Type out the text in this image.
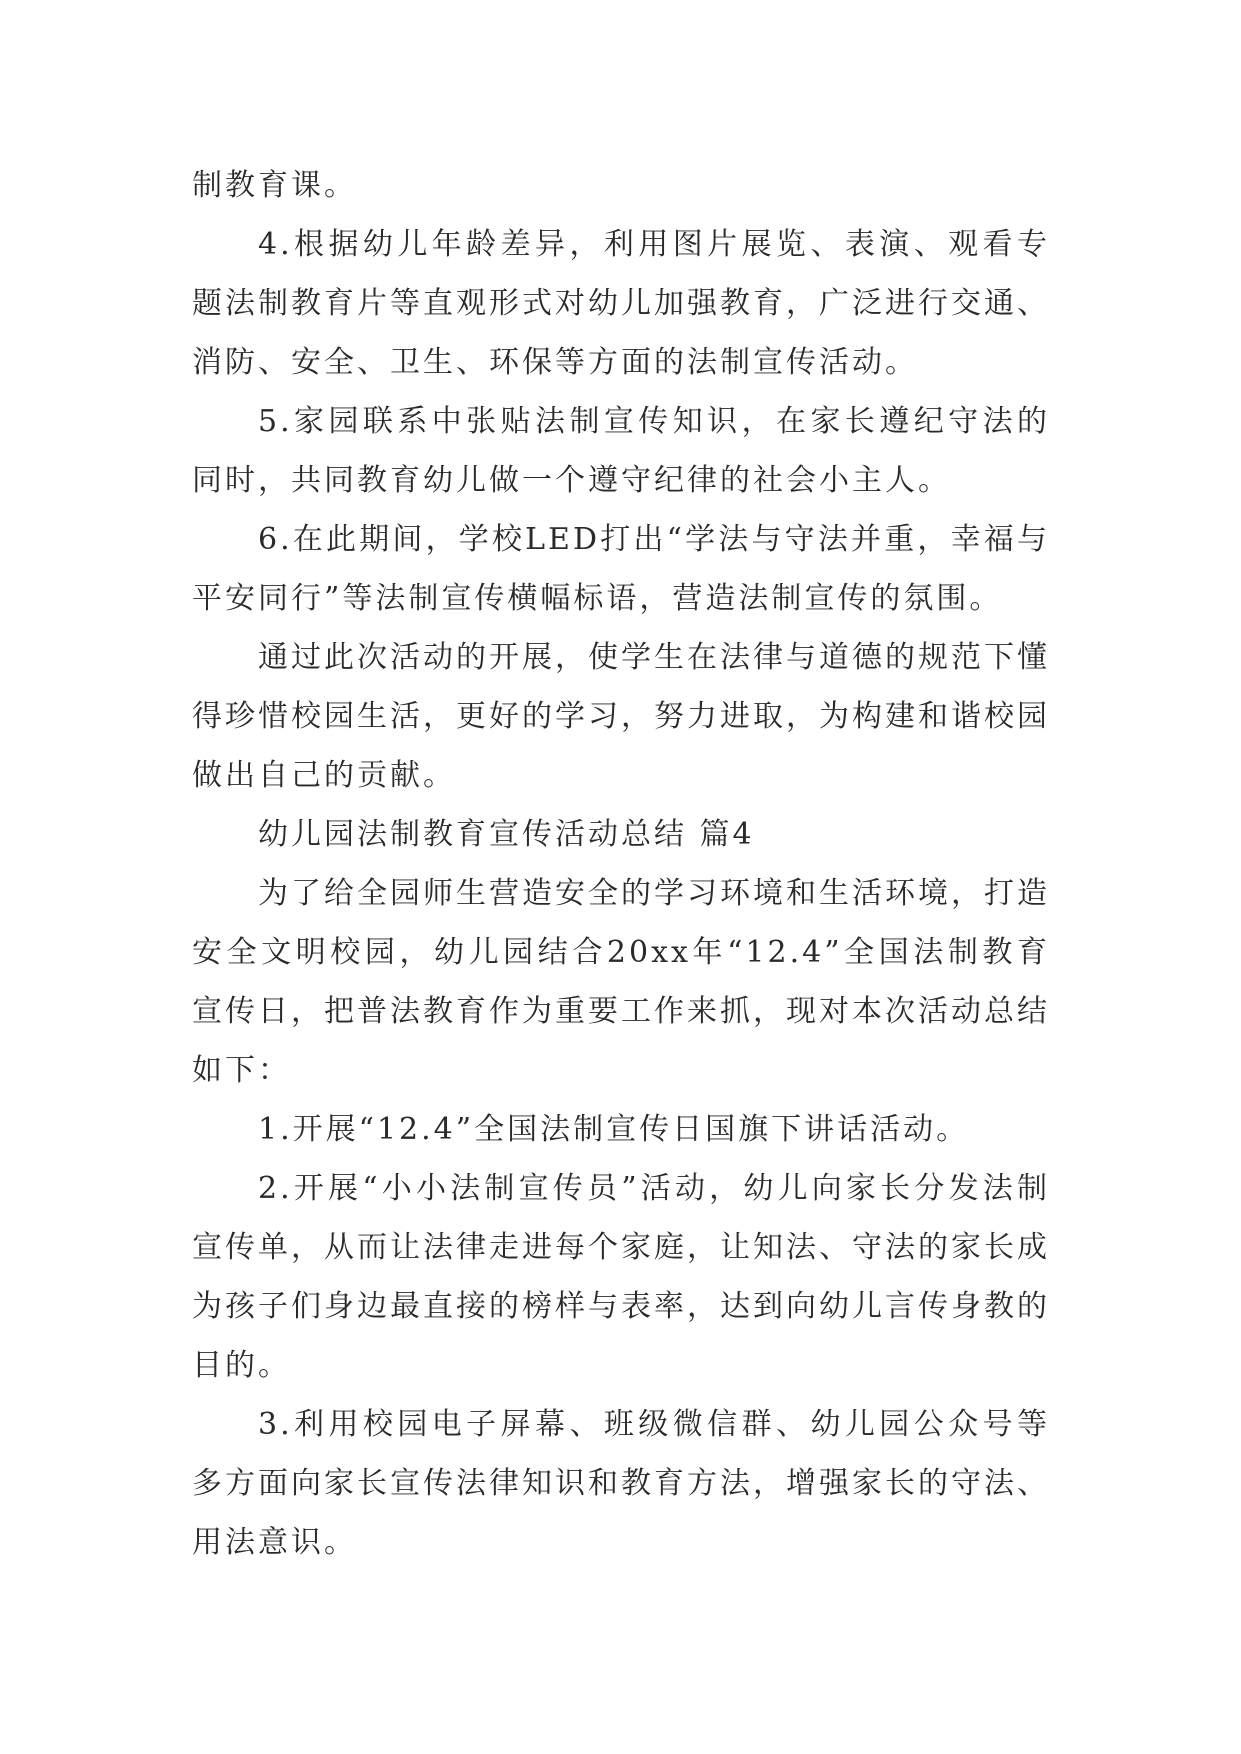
制教育课。

4.根据幼儿年龄差异，利用图片展览、表演、观看专题法制教育片等直观形式对幼儿加强教育，广泛进行交通、消防、安全、卫生、环保等方面的法制宣传活动。

5.家园联系中张贴法制宣传知识，在家长遵纪守法的同时，共同教育幼儿做一个遵守纪律的社会小主人。

6.在此期间，学校LED打出“学法与守法并重，幸福与平安同行”等法制宣传横幅标语，营造法制宣传的氛围。

通过此次活动的开展，使学生在法律与道德的规范下懂得珍惜校园生活，更好的学习，努力进取，为构建和谐校园做出自己的贡献。

幼儿园法制教育宣传活动总结 篇4

为了给全园师生营造安全的学习环境和生活环境，打造安全文明校园，幼儿园结合20xx年“12.4”全国法制教育宣传日，把普法教育作为重要工作来抓，现对本次活动总结如下：

1.开展“12.4”全国法制宣传日国旗下讲话活动。

2.开展“小小法制宣传员”活动，幼儿向家长分发法制宣传单，从而让法律走进每个家庭，让知法、守法的家长成为孩子们身边最直接的榜样与表率，达到向幼儿言传身教的目的。

3.利用校园电子屏幕、班级微信群、幼儿园公众号等多方面向家长宣传法律知识和教育方法，增强家长的守法、用法意识。
